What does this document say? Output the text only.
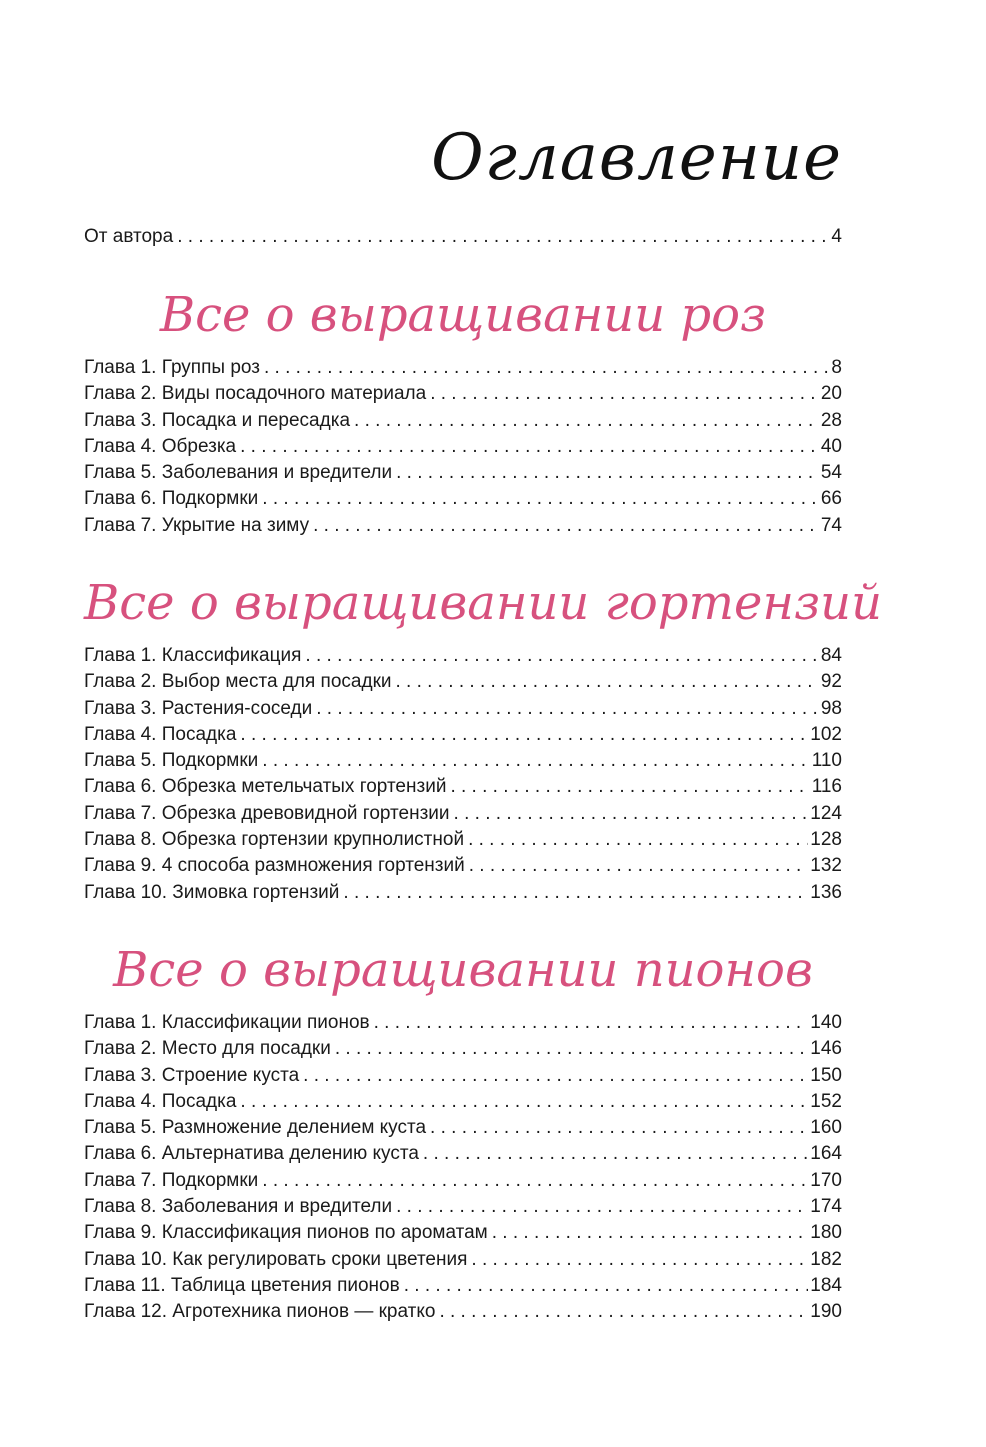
Оглавление
От автора . . .	4
Все о выращивании роз
Глава 1. Группы роз . . .	8
Глава 2. Виды посадочного материала . . .	20
Глава 3. Посадка и пересадка . . .	28
Глава 4. Обрезка . . .	40
Глава 5. Заболевания и вредители . . .	54
Глава 6. Подкормки . . .	66
Глава 7. Укрытие на зиму . . .	74
Все о выращивании гортензий
Глава 1. Классификация . . .	84
Глава 2. Выбор места для посадки . . .	92
Глава 3. Растения-соседи . . .	98
Глава 4. Посадка . . .	102
Глава 5. Подкормки . . .	110
Глава 6. Обрезка метельчатых гортензий . . .	116
Глава 7. Обрезка древовидной гортензии . . .	124
Глава 8. Обрезка гортензии крупнолистной . . .	128
Глава 9. 4 способа размножения гортензий . . .	132
Глава 10. Зимовка гортензий . . .	136
Все о выращивании пионов
Глава 1. Классификации пионов . . .	140
Глава 2. Место для посадки . . .	146
Глава 3. Строение куста . . .	150
Глава 4. Посадка . . .	152
Глава 5. Размножение делением куста . . .	160
Глава 6. Альтернатива делению куста . . .	164
Глава 7. Подкормки . . .	170
Глава 8. Заболевания и вредители . . .	174
Глава 9. Классификация пионов по ароматам . . .	180
Глава 10. Как регулировать сроки цветения . . .	182
Глава 11. Таблица цветения пионов . . .	184
Глава 12. Агротехника пионов — кратко . . .	190
